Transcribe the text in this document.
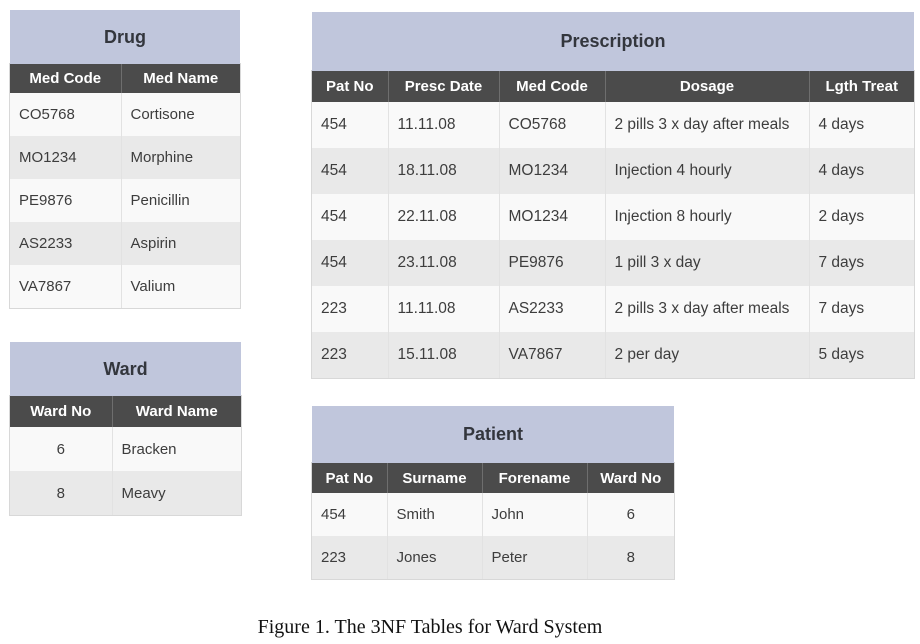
Drug
Med Code	Med Name
CO5768	Cortisone
MO1234	Morphine
PE9876	Penicillin
AS2233	Aspirin
VA7867	Valium
Ward
Ward No	Ward Name
6	Bracken
8	Meavy
Prescription
Pat No	Presc Date	Med Code	Dosage	Lgth Treat
454	11.11.08	CO5768	2 pills 3 x day after meals	4 days
454	18.11.08	MO1234	Injection 4 hourly	4 days
454	22.11.08	MO1234	Injection 8 hourly	2 days
454	23.11.08	PE9876	1 pill 3 x day	7 days
223	11.11.08	AS2233	2 pills 3 x day after meals	7 days
223	15.11.08	VA7867	2 per day	5 days
Patient
Pat No	Surname	Forename	Ward No
454	Smith	John	6
223	Jones	Peter	8

Figure 1. The 3NF Tables for Ward System
